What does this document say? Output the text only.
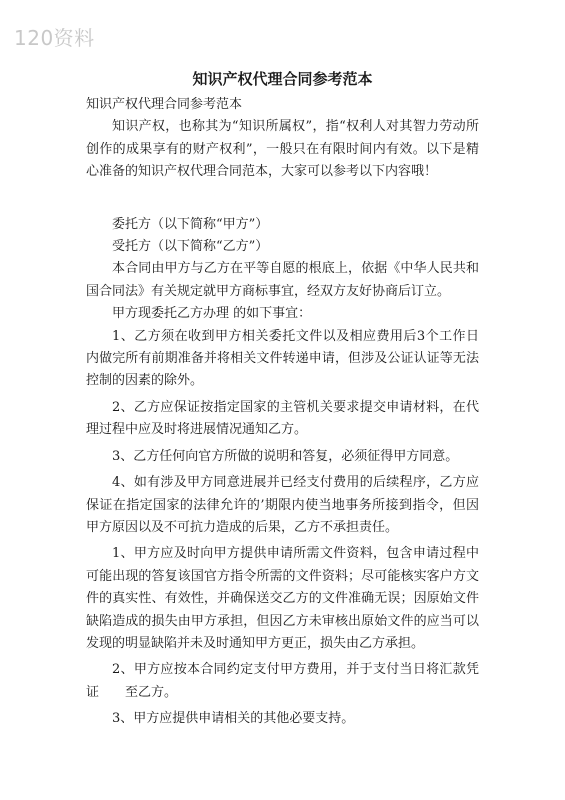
120资料
知识产权代理合同参考范本

知识产权代理合同参考范本

知识产权，也称其为“知识所属权”，指“权利人对其智力劳动所创作的成果享有的财产权利”，一般只在有限时间内有效。以下是精心准备的知识产权代理合同范本，大家可以参考以下内容哦！

委托方（以下简称“甲方”）

受托方（以下简称“乙方”）

本合同由甲方与乙方在平等自愿的根底上，依据《中华人民共和国合同法》有关规定就甲方商标事宜，经双方友好协商后订立。

甲方现委托乙方办理 的如下事宜：

1、乙方须在收到甲方相关委托文件以及相应费用后3个工作日内做完所有前期准备并将相关文件转递申请，但涉及公证认证等无法控制的因素的除外。

2、乙方应保证按指定国家的主管机关要求提交申请材料，在代理过程中应及时将进展情况通知乙方。

3、乙方任何向官方所做的说明和答复，必须征得甲方同意。

4、如有涉及甲方同意进展并已经支付费用的后续程序，乙方应保证在指定国家的法律允许的’期限内使当地事务所接到指令，但因甲方原因以及不可抗力造成的后果，乙方不承担责任。

1、甲方应及时向甲方提供申请所需文件资料，包含申请过程中可能出现的答复该国官方指令所需的文件资料；尽可能核实客户方文件的真实性、有效性，并确保送交乙方的文件准确无误；因原始文件缺陷造成的损失由甲方承担，但因乙方未审核出原始文件的应当可以发现的明显缺陷并未及时通知甲方更正，损失由乙方承担。

2、甲方应按本合同约定支付甲方费用，并于支付当日将汇款凭证　　至乙方。

3、甲方应提供申请相关的其他必要支持。
